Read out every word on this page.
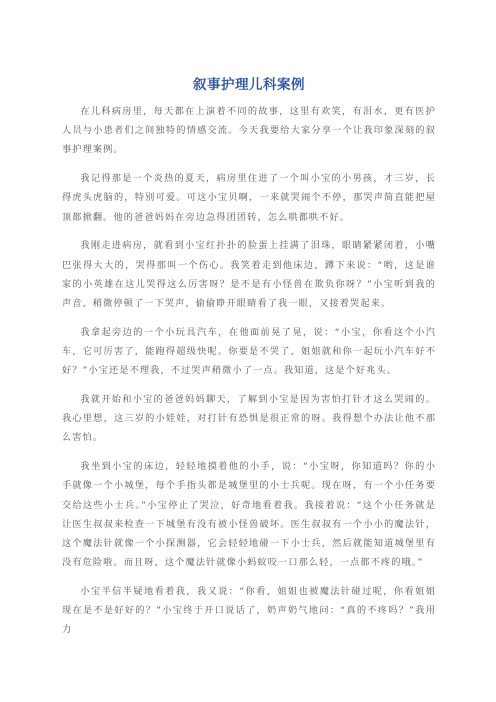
叙事护理儿科案例

在儿科病房里，每天都在上演着不同的故事，这里有欢笑，有泪水，更有医护人员与小患者们之间独特的情感交流。今天我要给大家分享一个让我印象深刻的叙事护理案例。

我记得那是一个炎热的夏天，病房里住进了一个叫小宝的小男孩，才三岁，长得虎头虎脑的，特别可爱。可这小宝贝啊，一来就哭闹个不停，那哭声简直能把屋顶都掀翻。他的爸爸妈妈在旁边急得团团转，怎么哄都哄不好。

我刚走进病房，就看到小宝红扑扑的脸蛋上挂满了泪珠，眼睛紧紧闭着，小嘴巴张得大大的，哭得那叫一个伤心。我笑着走到他床边，蹲下来说：“哟，这是谁家的小英雄在这儿哭得这么厉害呀？是不是有小怪兽在欺负你呀？”小宝听到我的声音，稍微停顿了一下哭声，偷偷睁开眼睛看了我一眼，又接着哭起来。

我拿起旁边的一个小玩具汽车，在他面前晃了晃，说：“小宝，你看这个小汽车，它可厉害了，能跑得超级快呢。你要是不哭了，姐姐就和你一起玩小汽车好不好？”小宝还是不理我，不过哭声稍微小了一点。我知道，这是个好兆头。

我就开始和小宝的爸爸妈妈聊天，了解到小宝是因为害怕打针才这么哭闹的。我心里想，这三岁的小娃娃，对打针有恐惧是很正常的呀。我得想个办法让他不那么害怕。

我坐到小宝的床边，轻轻地摸着他的小手，说：“小宝呀，你知道吗？你的小手就像一个小城堡，每个手指头都是城堡里的小士兵呢。现在呀，有一个小任务要交给这些小士兵。”小宝停止了哭泣，好奇地看着我。我接着说：“这个小任务就是让医生叔叔来检查一下城堡有没有被小怪兽破坏。医生叔叔有一个小小的魔法针，这个魔法针就像一个小探测器，它会轻轻地碰一下小士兵，然后就能知道城堡里有没有危险啦。而且呀，这个魔法针就像小蚂蚁咬一口那么轻，一点都不疼的哦。”

小宝半信半疑地看着我，我又说：“你看，姐姐也被魔法针碰过呢，你看姐姐现在是不是好好的？”小宝终于开口说话了，奶声奶气地问：“真的不疼吗？”我用力
